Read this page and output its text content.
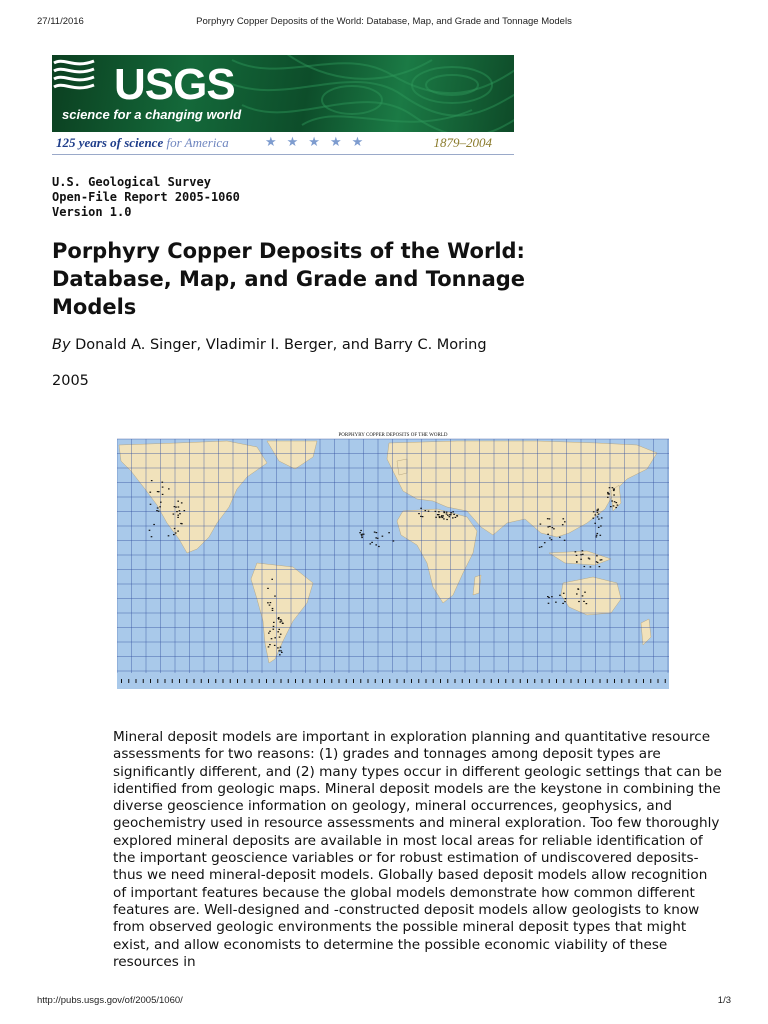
27/11/2016	Porphyry Copper Deposits of the World: Database, Map, and Grade and Tonnage Models
USGS
science for a changing world
125 years of science for America	★★★★★	1879–2004
U.S. Geological Survey
Open-File Report 2005-1060
Version 1.0
Porphyry Copper Deposits of the World: Database, Map, and Grade and Tonnage Models
By Donald A. Singer, Vladimir I. Berger, and Barry C. Moring
2005
PORPHYRY COPPER DEPOSITS OF THE WORLD

Mineral deposit models are important in exploration planning and quantitative resource assessments for two reasons: (1) grades and tonnages among deposit types are significantly different, and (2) many types occur in different geologic settings that can be identified from geologic maps. Mineral deposit models are the keystone in combining the diverse geoscience information on geology, mineral occurrences, geophysics, and geochemistry used in resource assessments and mineral exploration. Too few thoroughly explored mineral deposits are available in most local areas for reliable identification of the important geoscience variables or for robust estimation of undiscovered deposits-thus we need mineral-deposit models. Globally based deposit models allow recognition of important features because the global models demonstrate how common different features are. Well-designed and -constructed deposit models allow geologists to know from observed geologic environments the possible mineral deposit types that might exist, and allow economists to determine the possible economic viability of these resources in

http://pubs.usgs.gov/of/2005/1060/	1/3
